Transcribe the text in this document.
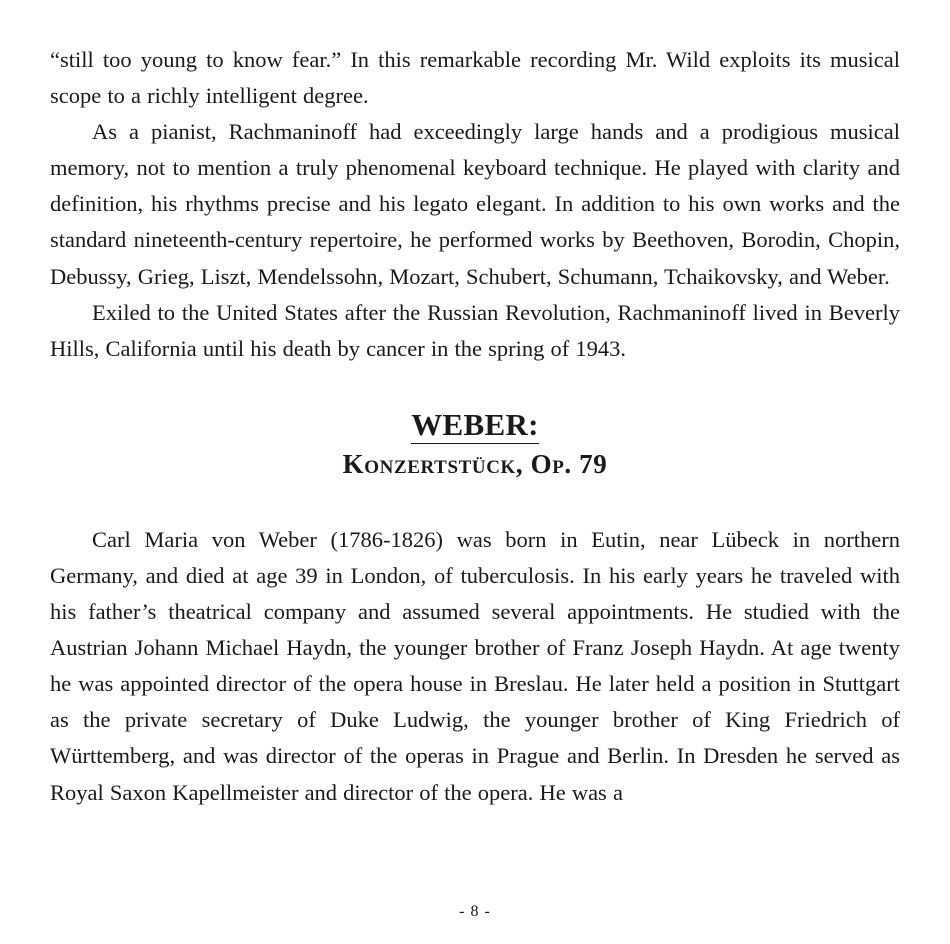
“still too young to know fear.” In this remarkable recording Mr. Wild exploits its musical scope to a richly intelligent degree.

As a pianist, Rachmaninoff had exceedingly large hands and a prodigious musical memory, not to mention a truly phenomenal keyboard technique. He played with clarity and definition, his rhythms precise and his legato elegant. In addition to his own works and the standard nineteenth-century repertoire, he performed works by Beethoven, Borodin, Chopin, Debussy, Grieg, Liszt, Mendelssohn, Mozart, Schubert, Schumann, Tchaikovsky, and Weber.

Exiled to the United States after the Russian Revolution, Rachmaninoff lived in Beverly Hills, California until his death by cancer in the spring of 1943.

WEBER:
Konzertstück, Op. 79

Carl Maria von Weber (1786-1826) was born in Eutin, near Lübeck in northern Germany, and died at age 39 in London, of tuberculosis. In his early years he traveled with his father’s theatrical company and assumed several appointments. He studied with the Austrian Johann Michael Haydn, the younger brother of Franz Joseph Haydn. At age twenty he was appointed director of the opera house in Breslau. He later held a position in Stuttgart as the private secretary of Duke Ludwig, the younger brother of King Friedrich of Württemberg, and was director of the operas in Prague and Berlin. In Dresden he served as Royal Saxon Kapellmeister and director of the opera. He was a

- 8 -
